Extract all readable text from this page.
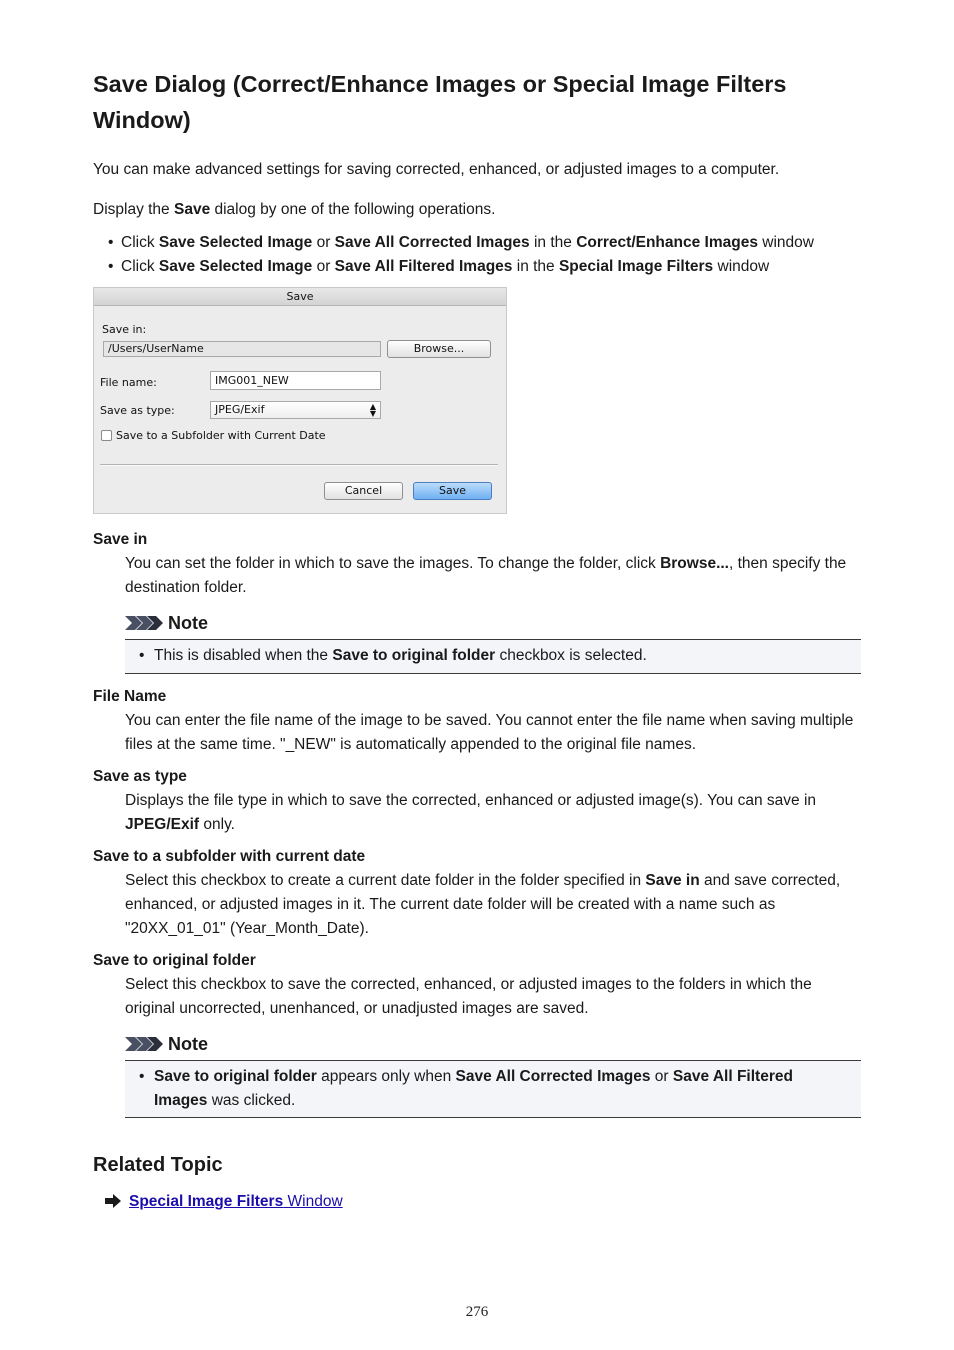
Save Dialog (Correct/Enhance Images or Special Image Filters Window)

You can make advanced settings for saving corrected, enhanced, or adjusted images to a computer.

Display the Save dialog by one of the following operations.

• Click Save Selected Image or Save All Corrected Images in the Correct/Enhance Images window
• Click Save Selected Image or Save All Filtered Images in the Special Image Filters window
Save
Save in:
/Users/UserName	Browse...
File name:	IMG001_NEW
Save as type:	JPEG/Exif	▲
▼
Save to a Subfolder with Current Date
Cancel	Save

Save in

You can set the folder in which to save the images. To change the folder, click Browse..., then specify the destination folder.

Note
• This is disabled when the Save to original folder checkbox is selected.

File Name

You can enter the file name of the image to be saved. You cannot enter the file name when saving multiple files at the same time. "_NEW" is automatically appended to the original file names.

Save as type

Displays the file type in which to save the corrected, enhanced or adjusted image(s). You can save in JPEG/Exif only.

Save to a subfolder with current date

Select this checkbox to create a current date folder in the folder specified in Save in and save corrected, enhanced, or adjusted images in it. The current date folder will be created with a name such as "20XX_01_01" (Year_Month_Date).

Save to original folder

Select this checkbox to save the corrected, enhanced, or adjusted images to the folders in which the original uncorrected, unenhanced, or unadjusted images are saved.

Note
• Save to original folder appears only when Save All Corrected Images or Save All Filtered Images was clicked.
Related Topic
Special Image Filters Window
276
